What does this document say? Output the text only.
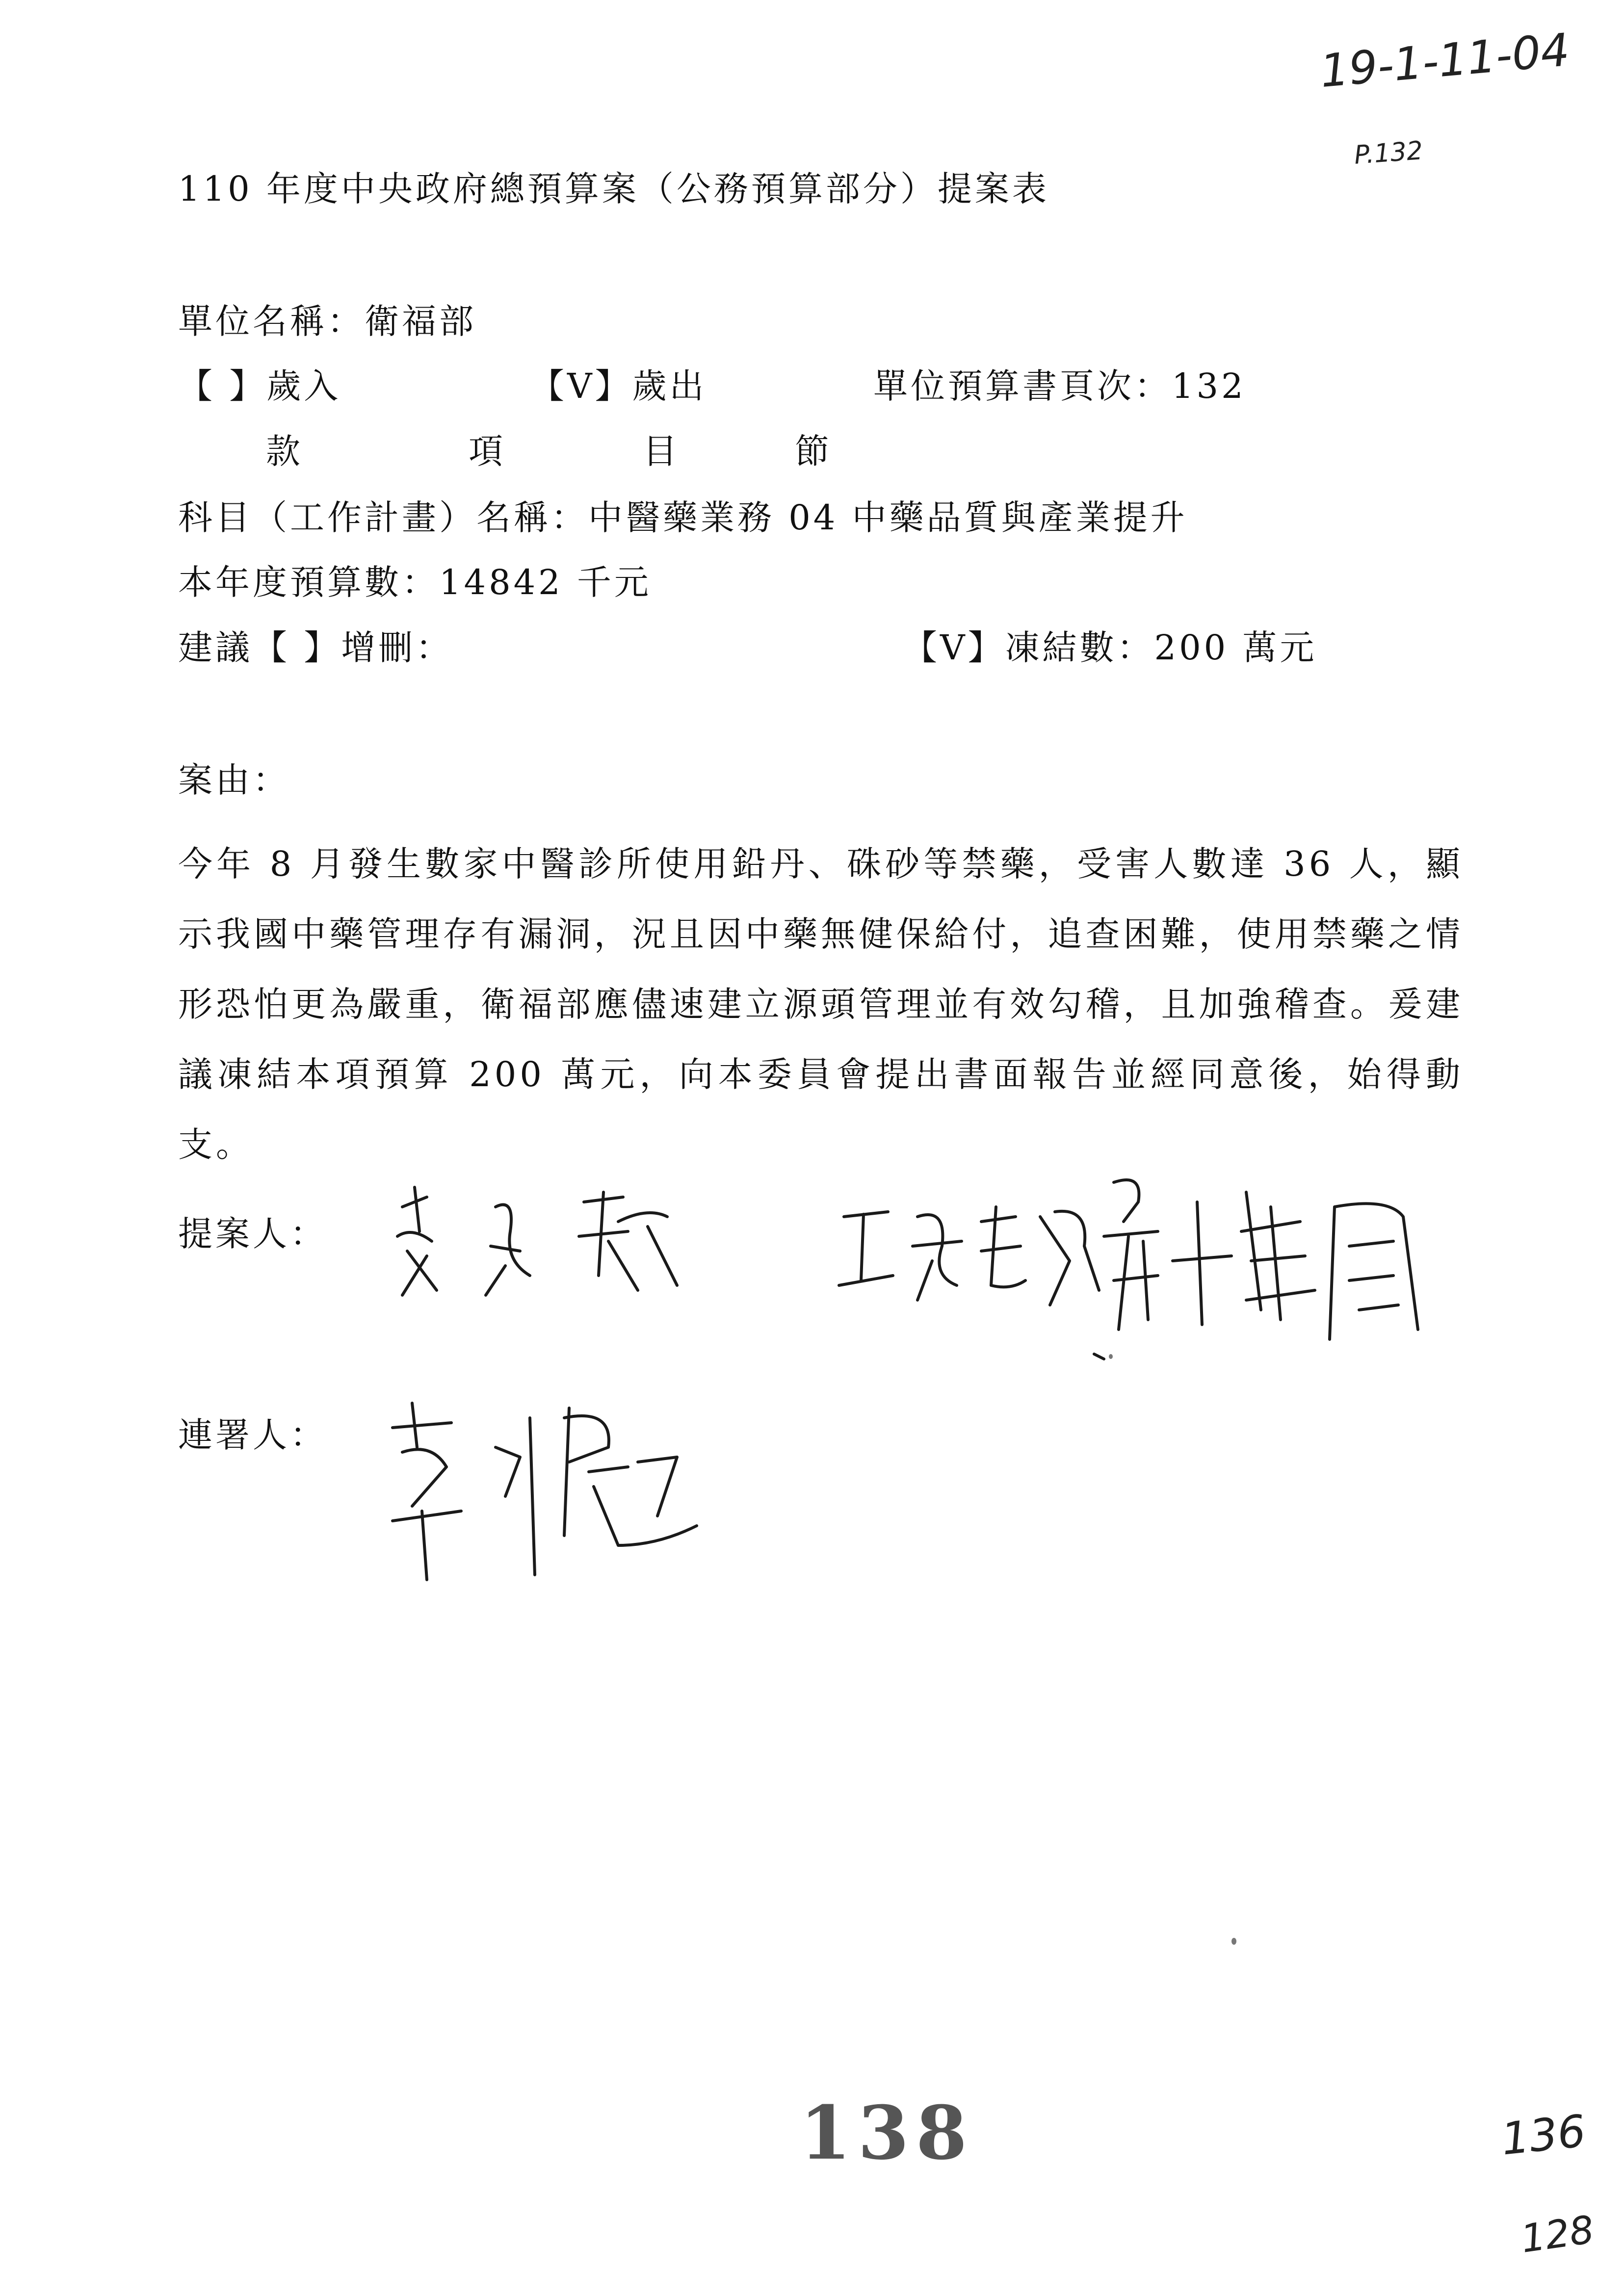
19-1-11-04
P.132
110 年度中央政府總預算案（公務預算部分）提案表
單位名稱：衛福部
【 】歲入	【V】歲出	單位預算書頁次：132
款	項	目	節
科目（工作計畫）名稱：中醫藥業務 04 中藥品質與產業提升
本年度預算數：14842 千元
建議【 】增刪：	【V】凍結數：200 萬元
案由：
今年 8 月發生數家中醫診所使用鉛丹、硃砂等禁藥，受害人數達 36 人，顯示我國中藥管理存有漏洞，況且因中藥無健保給付，追查困難，使用禁藥之情形恐怕更為嚴重，衛福部應儘速建立源頭管理並有效勾稽，且加強稽查。爰建議凍結本項預算 200 萬元，向本委員會提出書面報告並經同意後，始得動支。
提案人：
連署人：
138	136
128
